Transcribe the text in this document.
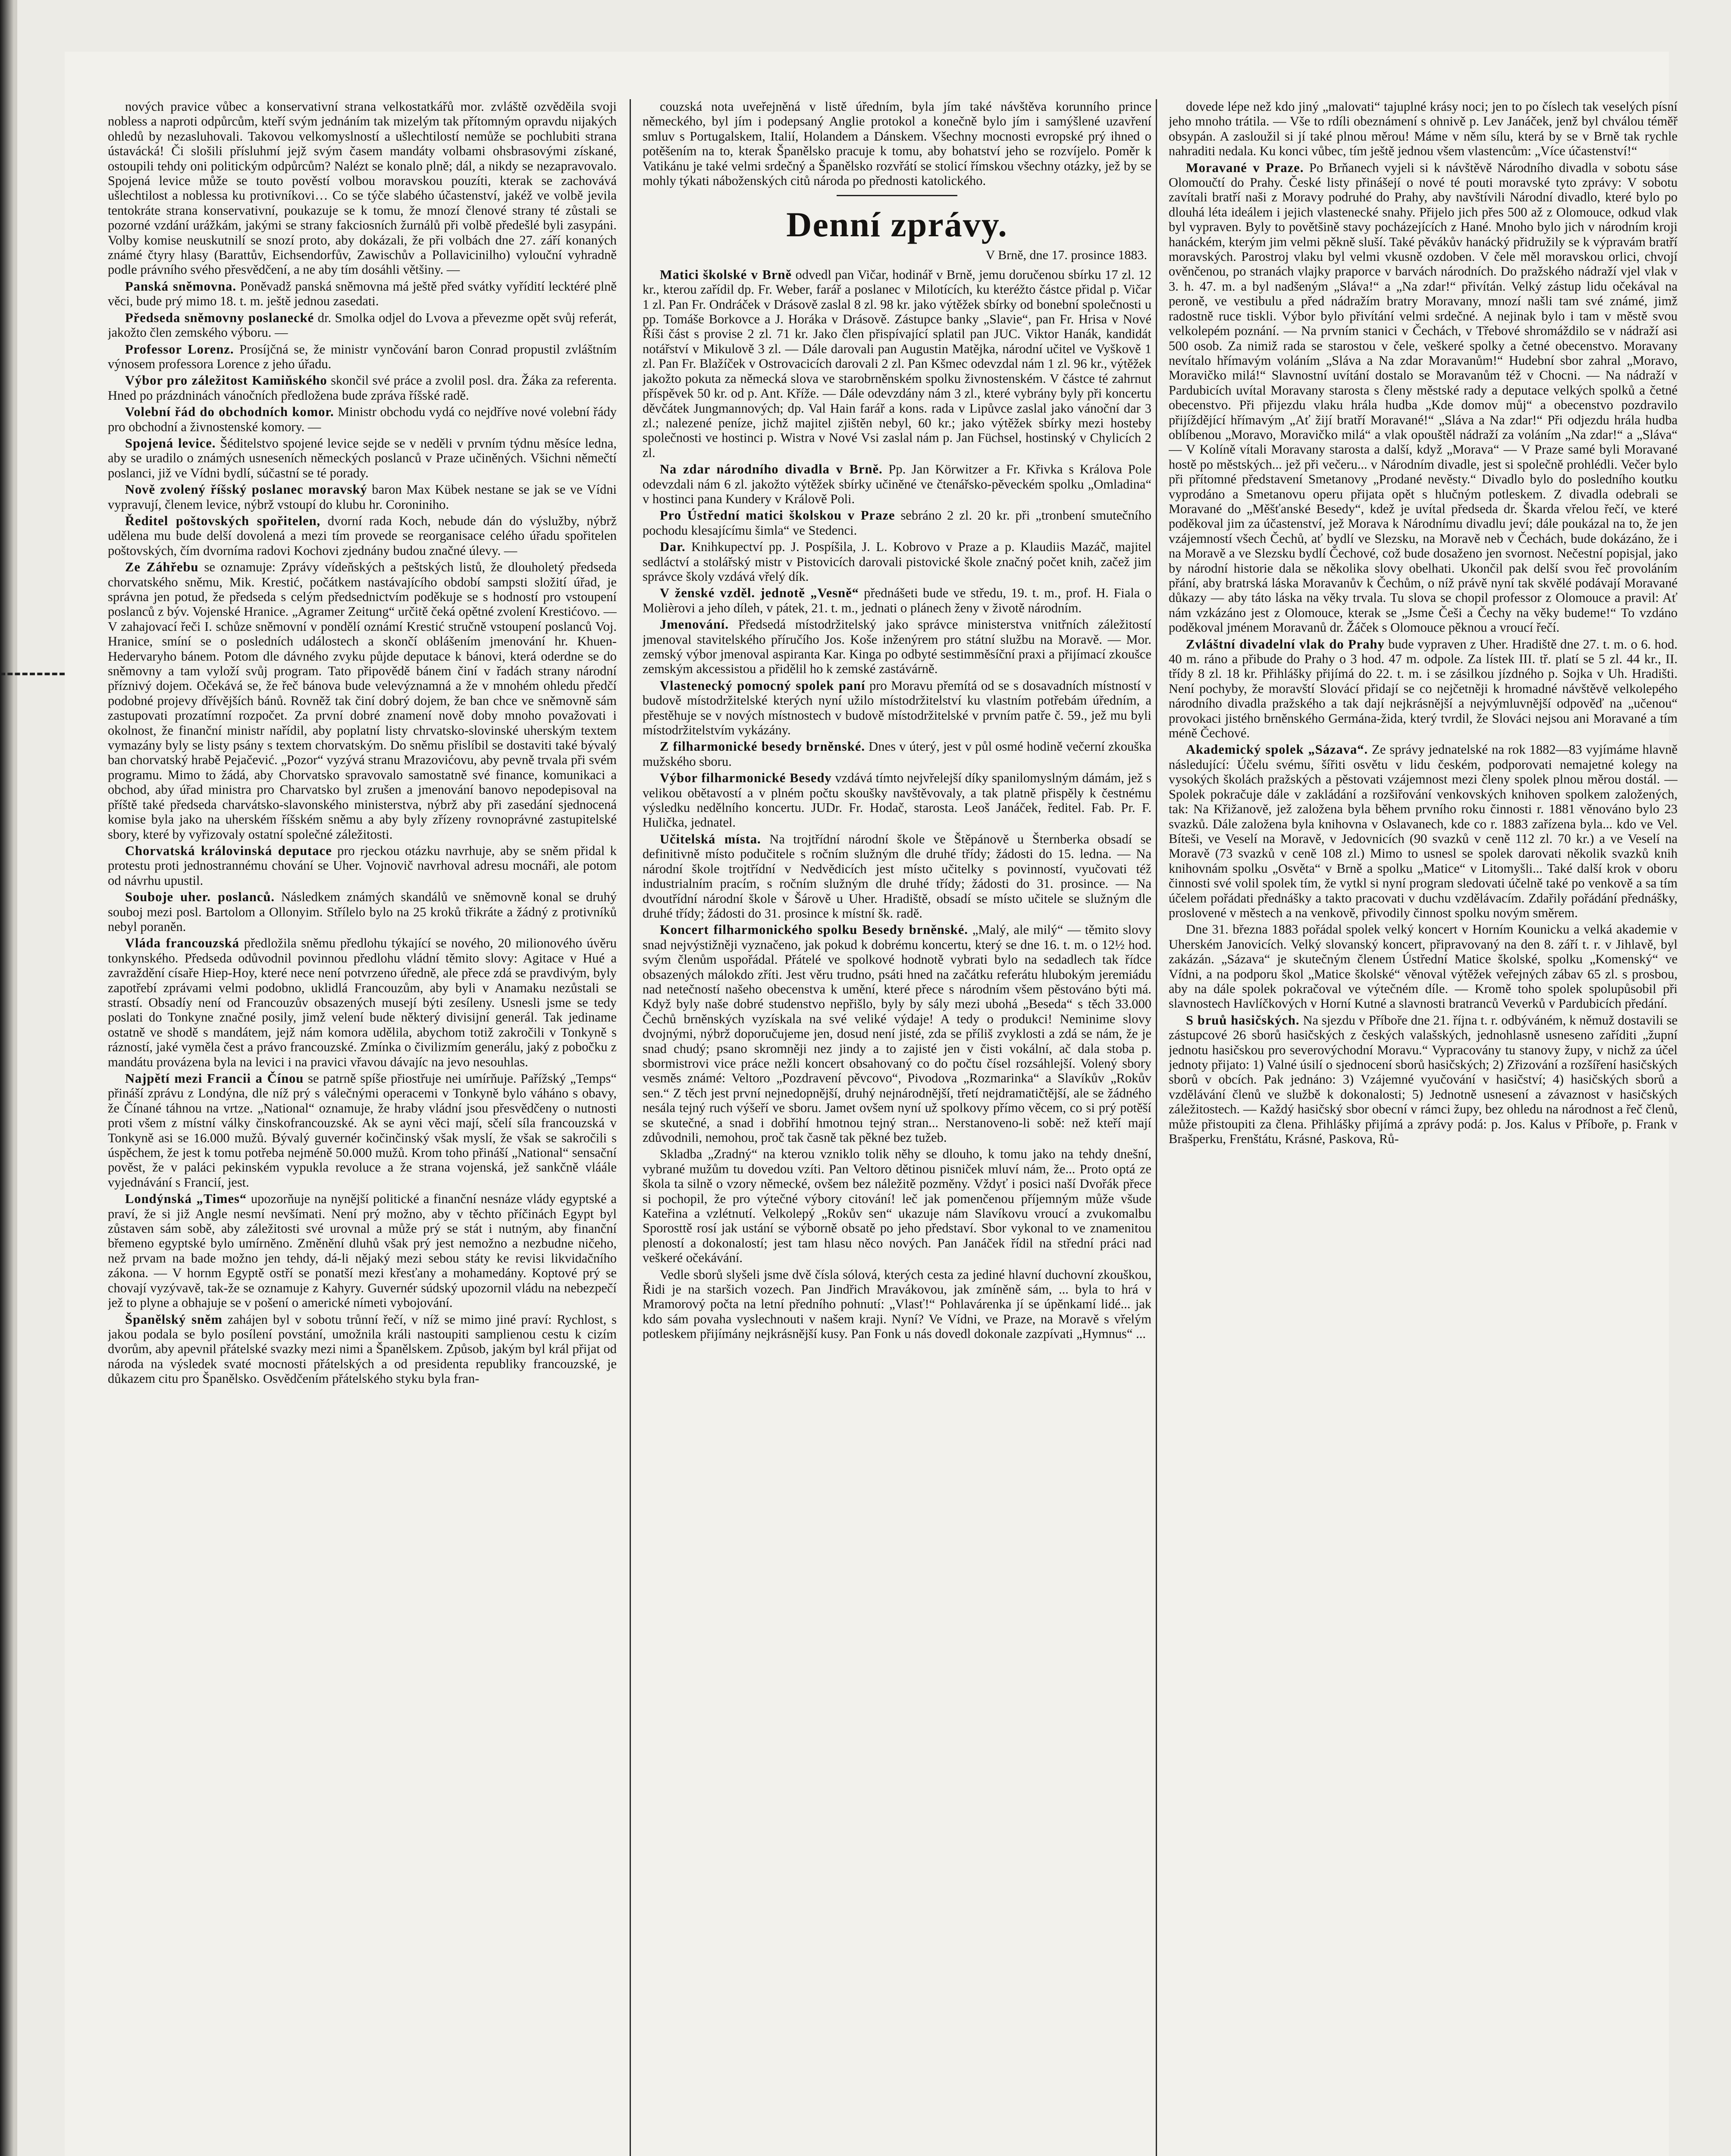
nových pravice vůbec a konservativní strana velkostatkářů mor. zvláště ozvěděila svoji nobless a naproti odpůrcům, kteří svým jednáním tak mizelým tak přítomným opravdu nijakých ohledů by nezasluhovali. Takovou velkomyslností a ušlechtilostí nemůže se pochlubiti strana ústavácká! Či slošili přísluhmí jejž svým časem mandáty volbami ohsbrasovými získané, ostoupili tehdy oni politickým odpůrcům? Nalézt se konalo plně; dál, a nikdy se nezapravovalo. Spojená levice může se touto pověstí volbou moravskou pouzíti, kterak se zachovává ušlechtilost a noblessa ku protivníkovi… Co se týče slabého účastenství, jakéž ve volbě jevila tentokráte strana konservativní, poukazuje se k tomu, že mnozí členové strany té zůstali se pozorné vzdání urážkám, jakými se strany fakciosních žurnálů při volbě předešlé byli zasypáni. Volby komise neuskutnilí se snozí proto, aby dokázali, že při volbách dne 27. září konaných známé čtyry hlasy (Barattův, Eichsendorfův, Zawischův a Pollavicinilho) vylouční vyhradně podle právního svého přesvědčení, a ne aby tím dosáhli většiny. —

Panská sněmovna. Poněvadž panská sněmovna má ještě před svátky vyřídití lecktéré plně věci, bude prý mimo 18. t. m. ještě jednou zasedati.

Předseda sněmovny poslanecké dr. Smolka odjel do Lvova a převezme opět svůj referát, jakožto člen zemského výboru. —

Professor Lorenz. Prosíjčná se, že ministr vynčování baron Conrad propustil zvláštním výnosem professora Lorence z jeho úřadu.

Výbor pro záležitost Kamiňského skončil své práce a zvolil posl. dra. Žáka za referenta. Hned po prázdninách vánočních předložena bude zpráva říšské radě.

Volební řád do obchodních komor. Ministr obchodu vydá co nejdříve nové volební řády pro obchodní a živnostenské komory. —

Spojená levice. Šéditelstvo spojené levice sejde se v neděli v prvním týdnu měsíce ledna, aby se uradilo o známých usneseních německých poslanců v Praze učiněných. Všichni němečtí poslanci, již ve Vídni bydlí, súčastní se té porady.

Nově zvolený říšský poslanec moravský baron Max Kübek nestane se jak se ve Vídni vypravují, členem levice, nýbrž vstoupí do klubu hr. Coroniniho.

Ředitel poštovských spořitelen, dvorní rada Koch, nebude dán do výslužby, nýbrž udělena mu bude delší dovolená a mezi tím provede se reorganisace celého úřadu spořitelen poštovských, čím dvorníma radovi Kochovi zjednány budou značné úlevy. —

Ze Záhřebu se oznamuje: Zprávy vídeňských a peštských listů, že dlouholetý předseda chorvatského sněmu, Mik. Krestić, počátkem nastávajícího období sampsti složití úřad, je správna jen potud, že předseda s celým předsednictvím poděkuje se s hodností pro vstoupení poslanců z býv. Vojenské Hranice. „Agramer Zeitung“ určitě čeká opětné zvolení Krestićovo. — V zahajovací řeči I. schůze sněmovní v pondělí oznámí Krestić stručně vstoupení poslanců Voj. Hranice, smíní se o posledních událostech a skončí oblášením jmenování hr. Khuen-Hedervaryho bánem. Potom dle dávného zvyku půjde deputace k bánovi, která oderdne se do sněmovny a tam vyloží svůj program. Tato připovědě bánem činí v řadách strany národní příznivý dojem. Očekává se, že řeč bánova bude velevýznamná a že v mnohém ohledu předčí podobné projevy dřívějších bánů. Rovněž tak činí dobrý dojem, že ban chce ve sněmovně sám zastupovati prozatímní rozpočet. Za první dobré znamení nově doby mnoho považovati i okolnost, že finanční ministr nařídil, aby poplatní listy chrvatsko-slovinské uherským textem vymazány byly se listy psány s textem chorvatským. Do sněmu přislíbil se dostaviti také bývalý ban chorvatský hrabě Pejačević. „Pozor“ vyzývá stranu Mrazovićovu, aby pevně trvala při svém programu. Mimo to žádá, aby Chorvatsko spravovalo samostatně své finance, komunikaci a obchod, aby úřad ministra pro Charvatsko byl zrušen a jmenování banovo nepodepisoval na příště také předseda charvátsko-slavonského ministerstva, nýbrž aby při zasedání sjednocená komise byla jako na uherském říšském sněmu a aby byly zřízeny rovnoprávné zastupitelské sbory, které by vyřizovaly ostatní společné záležitosti.

Chorvatská královinská deputace pro rjeckou otázku navrhuje, aby se sněm přidal k protestu proti jednostrannému chování se Uher. Vojnovič navrhoval adresu mocnáři, ale potom od návrhu upustil.

Souboje uher. poslanců. Následkem známých skandálů ve sněmovně konal se druhý souboj mezi posl. Bartolom a Ollonyim. Střílelo bylo na 25 kroků třikráte a žádný z protivníků nebyl poraněn.

Vláda francouzská předložila sněmu předlohu týkající se nového, 20 milionového úvěru tonkynského. Předseda odůvodnil povinnou předlohu vládní těmito slovy: Agitace v Hué a zavraždění císaře Hiep-Hoy, které nece není potvrzeno úředně, ale přece zdá se pravdivým, byly zapotřebí zprávami velmi podobno, uklidlá Francouzům, aby byli v Anamaku nezůstali se strastí. Obsadíy není od Francouzův obsazených musejí býti zesíleny. Usnesli jsme se tedy poslati do Tonkyne značné posily, jimž velení bude některý divisijní generál. Tak jediname ostatně ve shodě s mandátem, jejž nám komora udělila, abychom totiž zakročili v Tonkyně s rázností, jaké vyměla čest a právo francouzské. Zmínka o čivilizmím generálu, jaký z pobočku z mandátu provázena byla na levici i na pravici vřavou dávajíc na jevo nesouhlas.

Najpětí mezi Francii a Čínou se patrně spíše přiostřuje nei umírňuje. Pařížský „Temps“ přináší zprávu z Londýna, dle níž prý s válečnými operacemi v Tonkyně bylo váháno s obavy, že Čínané táhnou na vrtze. „National“ oznamuje, že hraby vládní jsou přesvědčeny o nutnosti proti všem z místní války činskofrancouzské. Ak se ayni věci mají, sčelí síla francouzská v Tonkyně asi se 16.000 mužů. Bývalý guvernér kočinčinský však myslí, že však se sakročili s úspěchem, že jest k tomu potřeba nejméně 50.000 mužů. Krom toho přináší „National“ sensační pověst, že v paláci pekinském vypukla revoluce a že strana vojenská, jež sankčně vláále vyjednávání s Francií, jest.

Londýnská „Times“ upozorňuje na nynější politické a finanční nesnáze vlády egyptské a praví, že si již Angle nesmí nevšímati. Není prý možno, aby v těchto příčinách Egypt byl zůstaven sám sobě, aby záležitosti své urovnal a může prý se stát i nutným, aby finanční břemeno egyptské bylo umírněno. Změnění dluhů však prý jest nemožno a nezbudne ničeho, než prvam na bade možno jen tehdy, dá-li nějaký mezi sebou státy ke revisi likvidačního zákona. — V hornm Egyptě ostří se ponatší mezi křesťany a mohamedány. Koptové prý se chovají vyzývavě, tak-že se oznamuje z Kahyry. Guvernér súdský upozornil vládu na nebezpečí jež to plyne a obhajuje se v pošení o americké nímeti vybojování.

Španělský sněm zahájen byl v sobotu trůnní řečí, v níž se mimo jiné praví: Rychlost, s jakou podala se bylo posílení povstání, umožnila králi nastoupiti samplienou cestu k cizím dvorům, aby apevnil přátelské svazky mezi nimi a Španělskem. Způsob, jakým byl král přijat od národa na výsledek svaté mocnosti přátelských a od presidenta republiky francouzské, je důkazem citu pro Španělsko. Osvědčením přátelského styku byla fran-

couzská nota uveřejněná v listě úředním, byla jím také návštěva korunního prince německého, byl jím i podepsaný Anglie protokol a konečně bylo jím i samýšlené uzavření smluv s Portugalskem, Italií, Holandem a Dánskem. Všechny mocnosti evropské prý ihned o potěšením na to, kterak Španělsko pracuje k tomu, aby bohatství jeho se rozvíjelo. Poměr k Vatikánu je také velmi srdečný a Španělsko rozvřátí se stolicí římskou všechny otázky, jež by se mohly týkati náboženských citů národa po přednosti katolického.

Denní zprávy.
V Brně, dne 17. prosince 1883.

Matici školské v Brně odvedl pan Vičar, hodinář v Brně, jemu doručenou sbírku 17 zl. 12 kr., kterou zařídil dp. Fr. Weber, farář a poslanec v Milotících, ku kteréžto částce přidal p. Vičar 1 zl. Pan Fr. Ondráček v Drásově zaslal 8 zl. 98 kr. jako výtěžek sbírky od bonební společnosti u pp. Tomáše Borkovce a J. Horáka v Drásově. Zástupce banky „Slavie“, pan Fr. Hrisa v Nové Říši část s provise 2 zl. 71 kr. Jako člen přispívající splatil pan JUC. Viktor Hanák, kandidát notářství v Mikulově 3 zl. — Dále darovali pan Augustin Matějka, národní učitel ve Vyškově 1 zl. Pan Fr. Blažíček v Ostrovacicích darovali 2 zl. Pan Kšmec odevzdal nám 1 zl. 96 kr., výtěžek jakožto pokuta za německá slova ve starobrněnském spolku živnostenském. V částce té zahrnut příspěvek 50 kr. od p. Ant. Kříže. — Dále odevzdány nám 3 zl., které vybrány byly při koncertu děvčátek Jungmannových; dp. Val Hain farář a kons. rada v Lipůvce zaslal jako vánoční dar 3 zl.; nalezené peníze, jichž majitel zjištěn nebyl, 60 kr.; jako výtěžek sbírky mezi hosteby společnosti ve hostinci p. Wistra v Nové Vsi zaslal nám p. Jan Füchsel, hostinský v Chylicích 2 zl.

Na zdar národního divadla v Brně. Pp. Jan Körwitzer a Fr. Křivka s Králova Pole odevzdali nám 6 zl. jakožto výtěžek sbírky učiněné ve čtenářsko-pěveckém spolku „Omladina“ v hostinci pana Kundery v Králově Poli.

Pro Ústřední matici školskou v Praze sebráno 2 zl. 20 kr. při „tronbení smutečního pochodu klesajícímu šimla“ ve Stedenci.

Dar. Knihkupectví pp. J. Pospíšila, J. L. Kobrovo v Praze a p. Klaudiis Mazáč, majitel sedláctví a stolářský mistr v Pistovicích darovali pistovické škole značný počet knih, začež jim správce školy vzdává vřelý dík.

V ženské vzděl. jednotě „Vesně“ přednášeti bude ve středu, 19. t. m., prof. H. Fiala o Molièrovi a jeho díleh, v pátek, 21. t. m., jednati o plánech ženy v životě národním.

Jmenování. Předsedá místodržitelský jako správce ministerstva vnitřních záležitostí jmenoval stavitelského příručího Jos. Koše inženýrem pro státní službu na Moravě. — Mor. zemský výbor jmenoval aspiranta Kar. Kinga po odbyté sestimměsíční praxi a přijímací zkoušce zemským akcessistou a přidělil ho k zemské zastávárně.

Vlastenecký pomocný spolek paní pro Moravu přemítá od se s dosavadních místností v budově místodržitelské kterých nyní užilo místodržitelství ku vlastním potřebám úředním, a přestěhuje se v nových místnostech v budově místodržitelské v prvním patře č. 59., jež mu byli místodržitelstvím vykázány.

Z filharmonické besedy brněnské. Dnes v úterý, jest v půl osmé hodině večerní zkouška mužského sboru.

Výbor filharmonické Besedy vzdává tímto nejvřelejší díky spanilomyslným dámám, jež s velikou obětavostí a v plném počtu skoušky navštěvovaly, a tak platně přispěly k čestnému výsledku nedělního koncertu. JUDr. Fr. Hodač, starosta. Leoš Janáček, ředitel. Fab. Pr. F. Hulička, jednatel.

Učitelská místa. Na trojtřídní národní škole ve Štěpánově u Šternberka obsadí se definitivně místo podučitele s ročním služným dle druhé třídy; žádosti do 15. ledna. — Na národní škole trojtřídní v Nedvědicích jest místo učitelky s povinností, vyučovati též industrialním pracím, s ročním služným dle druhé třídy; žádosti do 31. prosince. — Na dvoutřídní národní škole v Šárově u Uher. Hradiště, obsadí se místo učitele se služným dle druhé třídy; žádosti do 31. prosince k místní šk. radě.

Koncert filharmonického spolku Besedy brněnské. „Malý, ale milý“ — těmito slovy snad nejvýstižněji vyznačeno, jak pokud k dobrému koncertu, který se dne 16. t. m. o 12½ hod. svým členům uspořádal. Přátelé ve spolkové hodnotě vybrati bylo na sedadlech tak řídce obsazených málokdo zříti. Jest věru trudno, psáti hned na začátku referátu hlubokým jeremiádu nad netečností našeho obecenstva k umění, které přece s národním všem pěstováno býti má. Když byly naše dobré studenstvo nepřišlo, byly by sály mezi ubohá „Beseda“ s těch 33.000 Čechů brněnských vyzískala na své veliké výdaje! A tedy o produkci! Neminime slovy dvojnými, nýbrž doporučujeme jen, dosud není jisté, zda se příliš zvyklosti a zdá se nám, že je snad chudý; psano skromněji nez jindy a to zajisté jen v čisti vokální, ač dala stoba p. sbormistrovi vice práce nežli koncert obsahovaný co do počtu čísel rozsáhlejší. Volený sbory vesměs známé: Veltoro „Pozdravení pěvcovo“, Pivodova „Rozmarinka“ a Slavíkův „Rokův sen.“ Z těch jest první nejnedopnější, druhý nejnárodnější, třetí nejdramatičtější, ale se žádného nesála tejný ruch výšeří ve sboru. Jamet ovšem nyní už spolkovy přímo věcem, co si prý potěší se skutečné, a snad i dobřihí hmotnou tejný stran... Nerstanoveno-li sobě: než kteří mají zdůvodnili, nemohou, proč tak časně tak pěkné bez tužeb.

Skladba „Zradný“ na kterou vzniklo tolik něhy se dlouho, k tomu jako na tehdy dnešní, vybrané mužům tu dovedou vzíti. Pan Veltoro dětinou pisniček mluví nám, že... Proto optá ze škola ta silně o vzory německé, ovšem bez náležitě pozměny. Vždyť i posici naší Dvořák přece si pochopil, že pro výtečné výbory citování! leč jak pomenčenou příjemným může všude Kateřina a vzlétnutí. Velkolepý „Rokův sen“ ukazuje nám Slavíkovu vroucí a zvukomalbu Sporosttě rosí jak ustání se výborně obsatě po jeho představí. Sbor vykonal to ve znamenitou pleností a dokonalostí; jest tam hlasu něco nových. Pan Janáček řídil na střední práci nad veškeré očekávání.

Vedle sborů slyšeli jsme dvě čísla sólová, kterých cesta za jediné hlavní duchovní zkouškou, Řidi je na staršich vozech. Pan Jindřich Mravákovou, jak zmíněně sám, ... byla to hrá v Mramorový počta na letní předního pohnutí: „Vlasť!“ Pohlavárenka jí se úpěnkamí lidé... jak kdo sám povaha vyslechnouti v našem kraji. Nyní? Ve Vídni, ve Praze, na Moravě s vřelým potleskem přijímány nejkrásnější kusy. Pan Fonk u nás dovedl dokonale zazpívati „Hymnus“ ...

dovede lépe než kdo jiný „malovati“ tajuplné krásy noci; jen to po číslech tak veselých písní jeho mnoho trátila. — Vše to rdíli obeznámení s ohnivě p. Lev Janáček, jenž byl chválou téměř obsypán. A zasloužil si jí také plnou měrou! Máme v něm sílu, která by se v Brně tak rychle nahraditi nedala. Ku konci vůbec, tím ještě jednou všem vlastencům: „Více účastenství!“

Moravané v Praze. Po Brňanech vyjeli si k návštěvě Národního divadla v sobotu sáse Olomoučtí do Prahy. České listy přinášejí o nové té pouti moravské tyto zprávy: V sobotu zavítali bratří naši z Moravy podruhé do Prahy, aby navštívili Národní divadlo, které bylo po dlouhá léta ideálem i jejich vlastenecké snahy. Přijelo jich přes 500 až z Olomouce, odkud vlak byl vypraven. Byly to povětšině stavy pocházejících z Hané. Mnoho bylo jich v národním kroji hanáckém, kterým jim velmi pěkně sluší. Také pěvákův hanácký přidružily se k výpravám bratří moravských. Parostroj vlaku byl velmi vkusně ozdoben. V čele měl moravskou orlici, chvojí ověnčenou, po stranách vlajky praporce v barvách národních. Do pražského nádraží vjel vlak v 3. h. 47. m. a byl nadšeným „Sláva!“ a „Na zdar!“ přivítán. Velký zástup lidu očekával na peroně, ve vestibulu a před nádražím bratry Moravany, mnozí našli tam své známé, jimž radostně ruce tiskli. Výbor bylo přivítání velmi srdečné. A nejinak bylo i tam v městě svou velkolepém poznání. — Na prvním stanici v Čechách, v Třebové shromáždilo se v nádraží asi 500 osob. Za nimiž rada se starostou v čele, veškeré spolky a četné obecenstvo. Moravany nevítalo hřímavým voláním „Sláva a Na zdar Moravanům!“ Hudební sbor zahral „Moravo, Moravičko milá!“ Slavnostní uvítání dostalo se Moravanům též v Chocni. — Na nádraží v Pardubicích uvítal Moravany starosta s členy městské rady a deputace velkých spolků a četné obecenstvo. Při přijezdu vlaku hrála hudba „Kde domov můj“ a obecenstvo pozdravilo přijíždějící hřímavým „Ať žijí bratří Moravané!“ „Sláva a Na zdar!“ Při odjezdu hrála hudba oblíbenou „Moravo, Moravičko milá“ a vlak opouštěl nádraží za voláním „Na zdar!“ a „Sláva“ — V Kolíně vítali Moravany starosta a další, když „Morava“ — V Praze samé byli Moravané hostě po městských... jež při večeru... v Národním divadle, jest si společně prohlédli. Večer bylo při přítomné představení Smetanovy „Prodané nevěsty.“ Divadlo bylo do posledního koutku vyprodáno a Smetanovu operu přijata opět s hlučným potleskem. Z divadla odebrali se Moravané do „Měšťanské Besedy“, kdež je uvítal předseda dr. Škarda vřelou řečí, ve které poděkoval jim za účastenství, jež Morava k Národnímu divadlu jeví; dále poukázal na to, že jen vzájemností všech Čechů, ať bydlí ve Slezsku, na Moravě neb v Čechách, bude dokázáno, že i na Moravě a ve Slezsku bydlí Čechové, což bude dosaženo jen svornost. Nečestní popisjal, jako by národní historie dala se několika slovy obelhati. Ukončil pak delší svou řeč provoláním přání, aby bratrská láska Moravanův k Čechům, o níž právě nyní tak skvělé podávají Moravané důkazy — aby táto láska na věky trvala. Tu slova se chopil professor z Olomouce a pravil: Ať nám vzkázáno jest z Olomouce, kterak se „Jsme Češi a Čechy na věky budeme!“ To vzdáno poděkoval jménem Moravanů dr. Žáček s Olomouce pěknou a vroucí řečí.

Zvláštní divadelní vlak do Prahy bude vypraven z Uher. Hradiště dne 27. t. m. o 6. hod. 40 m. ráno a přibude do Prahy o 3 hod. 47 m. odpole. Za lístek III. tř. platí se 5 zl. 44 kr., II. třídy 8 zl. 18 kr. Přihlášky přijímá do 22. t. m. i se zásilkou jízdného p. Sojka v Uh. Hradišti. Není pochyby, že moravští Slovácí přidají se co nejčetněji k hromadné návštěvě velkolepého národního divadla pražského a tak dají nejkrásnější a nejvýmluvnější odpověď na „učenou“ provokaci jistého brněnského Germána-žida, který tvrdil, že Slováci nejsou ani Moravané a tím méně Čechové.

Akademický spolek „Sázava“. Ze správy jednatelské na rok 1882—83 vyjímáme hlavně následující: Účelu svému, šířiti osvětu v lidu českém, podporovati nemajetné kolegy na vysokých školách pražských a pěstovati vzájemnost mezi členy spolek plnou měrou dostál. — Spolek pokračuje dále v zakládání a rozšiřování venkovských knihoven spolkem založených, tak: Na Křižanově, jež založena byla během prvního roku činnosti r. 1881 věnováno bylo 23 svazků. Dále založena byla knihovna v Oslavanech, kde co r. 1883 zařízena byla... kdo ve Vel. Bíteši, ve Veselí na Moravě, v Jedovnicích (90 svazků v ceně 112 zl. 70 kr.) a ve Veselí na Moravě (73 svazků v ceně 108 zl.) Mimo to usnesl se spolek darovati několik svazků knih knihovnám spolku „Osvěta“ v Brně a spolku „Matice“ v Litomyšli... Také další krok v oboru činnosti své volil spolek tím, že vytkl si nyní program sledovati účelně také po venkově a sa tím účelem pořádati přednášky a takto pracovati v duchu vzdělávacím. Zdařily pořádání přednášky, proslovené v městech a na venkově, přivodily činnost spolku novým směrem.

Dne 31. března 1883 pořádal spolek velký koncert v Horním Kounicku a velká akademie v Uherském Janovicích. Velký slovanský koncert, připravovaný na den 8. září t. r. v Jihlavě, byl zakázán. „Sázava“ je skutečným členem Ústřední Matice školské, spolku „Komenský“ ve Vídni, a na podporu škol „Matice školské“ věnoval výtěžek veřejných zábav 65 zl. s prosbou, aby na dále spolek pokračoval ve výtečném díle. — Kromě toho spolek spolupůsobil při slavnostech Havlíčkových v Horní Kutné a slavnosti bratranců Veverků v Pardubicích předání.

S bruů hasičských. Na sjezdu v Příboře dne 21. října t. r. odbýváném, k němuž dostavili se zástupcové 26 sborů hasičských z českých valašských, jednohlasně usneseno zaříditi „župní jednotu hasičskou pro severovýchodní Moravu.“ Vypracovány tu stanovy župy, v nichž za účel jednoty přijato: 1) Valné úsilí o sjednocení sborů hasičských; 2) Zřizování a rozšíření hasičských sborů v obcích. Pak jednáno: 3) Vzájemné vyučování v hasičství; 4) hasičských sborů a vzdělávání členů ve službě k dokonalosti; 5) Jednotně usnesení a závaznost v hasičských záležitostech. — Každý hasičský sbor obecní v rámci župy, bez ohledu na národnost a řeč členů, může přistoupiti za člena. Přihlášky přijímá a zprávy podá: p. Jos. Kalus v Příboře, p. Frank v Brašperku, Frenštátu, Krásné, Paskova, Rů-
